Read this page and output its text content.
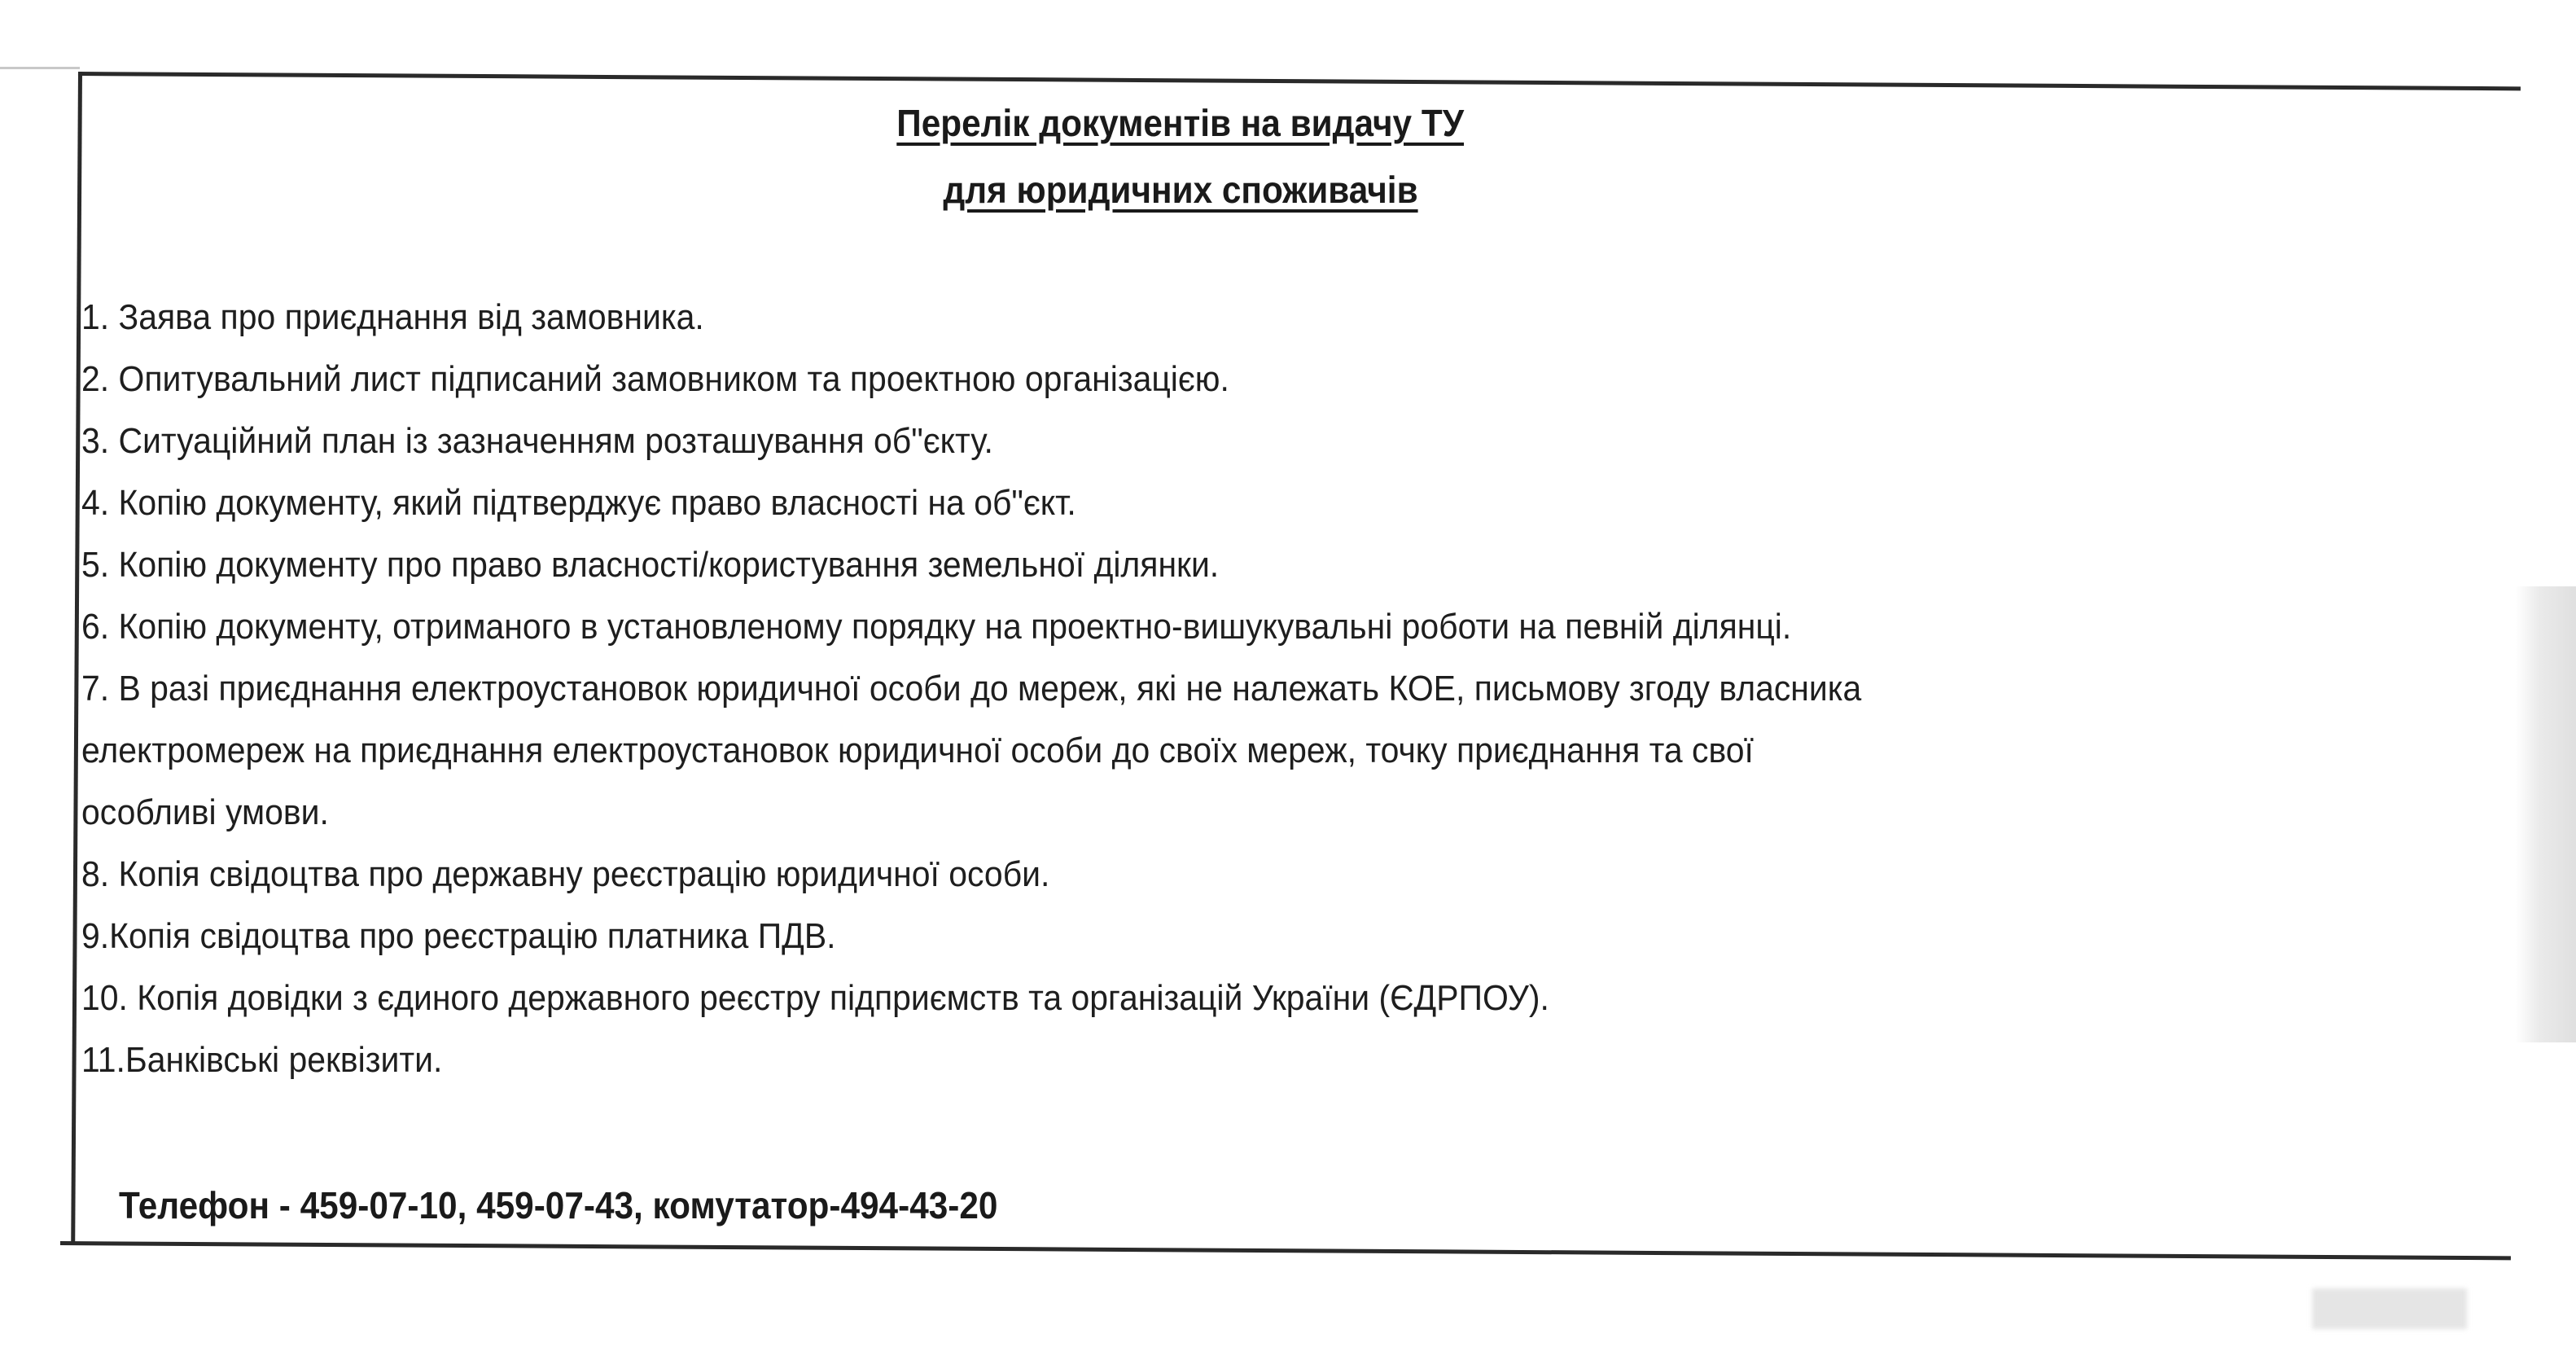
Перелік документів на видачу ТУ
для юридичних споживачів
1. Заява про приєднання від замовника.
2. Опитувальний лист підписаний замовником та проектною організацією.
3. Ситуаційний план із зазначенням розташування об"єкту.
4. Копію документу, який підтверджує право власності на об"єкт.
5. Копію документу про право власності/користування земельної ділянки.
6. Копію документу, отриманого в установленому порядку на проектно-вишукувальні роботи на певній ділянці.
7. В разі приєднання електроустановок юридичної особи до мереж, які не належать КОЕ, письмову згоду власника
електромереж на приєднання електроустановок юридичної особи до своїх мереж, точку приєднання та свої
особливі умови.
8. Копія свідоцтва про державну реєстрацію юридичної особи.
9.Копія свідоцтва про реєстрацію платника ПДВ.
10. Копія довідки з єдиного державного реєстру підприємств та організацій України (ЄДРПОУ).
11.Банківські реквізити.
Телефон - 459-07-10, 459-07-43, комутатор-494-43-20
